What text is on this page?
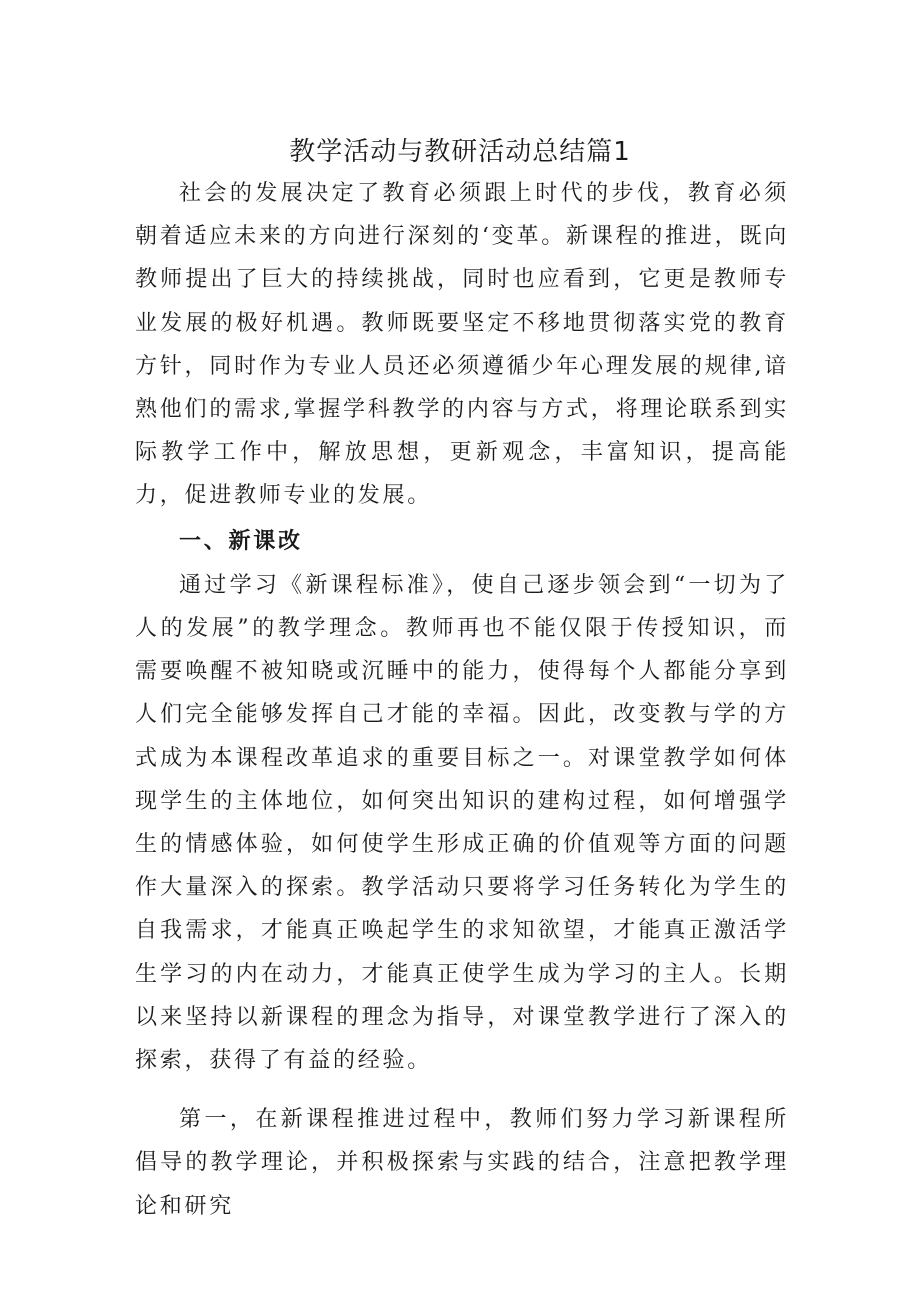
教学活动与教研活动总结篇1

社会的发展决定了教育必须跟上时代的步伐，教育必须朝着适应未来的方向进行深刻的‘变革。新课程的推进，既向教师提出了巨大的持续挑战，同时也应看到，它更是教师专业发展的极好机遇。教师既要坚定不移地贯彻落实党的教育方针，同时作为专业人员还必须遵循少年心理发展的规律,谙熟他们的需求,掌握学科教学的内容与方式，将理论联系到实际教学工作中，解放思想，更新观念，丰富知识，提高能力，促进教师专业的发展。

一、新课改

通过学习《新课程标准》，使自己逐步领会到“一切为了人的发展”的教学理念。教师再也不能仅限于传授知识，而需要唤醒不被知晓或沉睡中的能力，使得每个人都能分享到人们完全能够发挥自己才能的幸福。因此，改变教与学的方式成为本课程改革追求的重要目标之一。对课堂教学如何体现学生的主体地位，如何突出知识的建构过程，如何增强学生的情感体验，如何使学生形成正确的价值观等方面的问题作大量深入的探索。教学活动只要将学习任务转化为学生的自我需求，才能真正唤起学生的求知欲望，才能真正激活学生学习的内在动力，才能真正使学生成为学习的主人。长期以来坚持以新课程的理念为指导，对课堂教学进行了深入的探索，获得了有益的经验。

第一，在新课程推进过程中，教师们努力学习新课程所倡导的教学理论，并积极探索与实践的结合，注意把教学理论和研究
